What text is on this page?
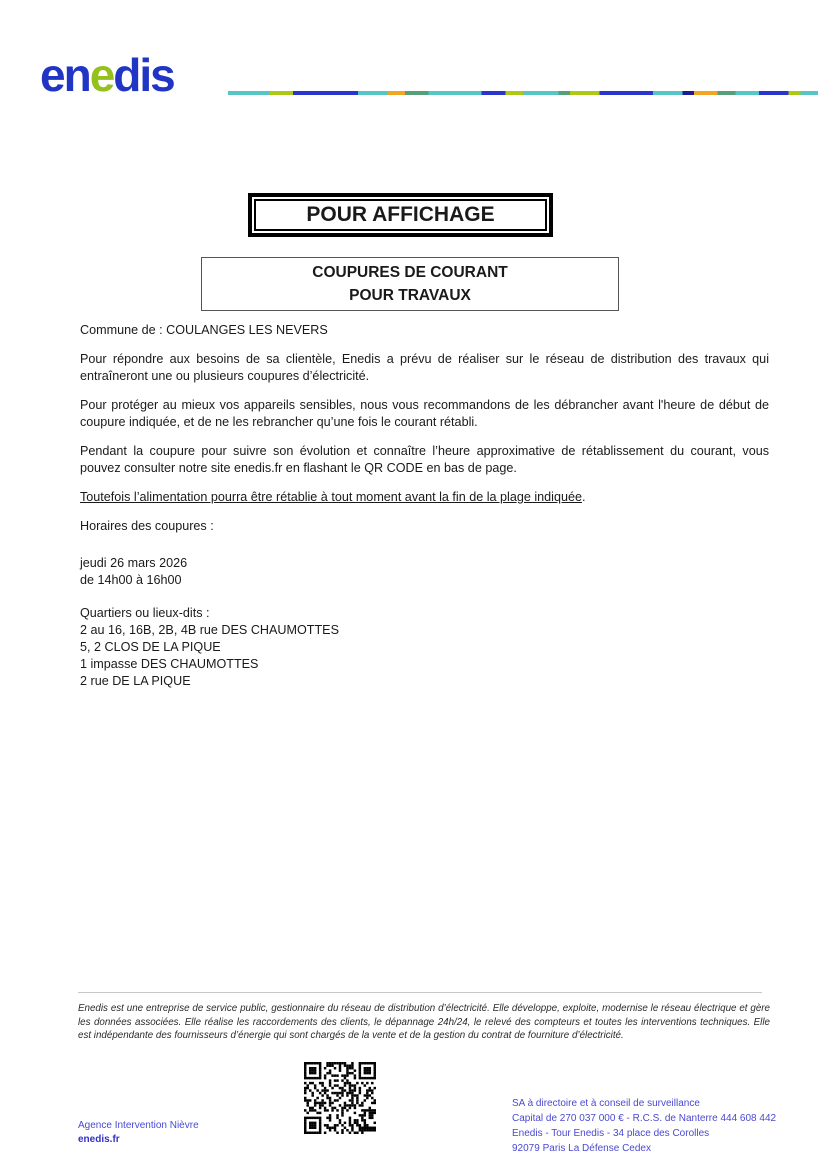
enedis
POUR AFFICHAGE
COUPURES DE COURANT
POUR TRAVAUX

Commune de : COULANGES LES NEVERS

Pour répondre aux besoins de sa clientèle, Enedis a prévu de réaliser sur le réseau de distribution des travaux qui entraîneront une ou plusieurs coupures d’électricité.

Pour protéger au mieux vos appareils sensibles, nous vous recommandons de les débrancher avant l'heure de début de coupure indiquée, et de ne les rebrancher qu’une fois le courant rétabli.

Pendant la coupure pour suivre son évolution et connaître l’heure approximative de rétablissement du courant, vous pouvez consulter notre site enedis.fr en flashant le QR CODE en bas de page.

Toutefois l’alimentation pourra être rétablie à tout moment avant la fin de la plage indiquée.

Horaires des coupures :

jeudi 26 mars 2026
de 14h00 à 16h00
Quartiers ou lieux-dits :
2 au 16, 16B, 2B, 4B rue DES CHAUMOTTES
5, 2 CLOS DE LA PIQUE
1 impasse DES CHAUMOTTES
2 rue DE LA PIQUE
Enedis est une entreprise de service public, gestionnaire du réseau de distribution d’électricité. Elle développe, exploite, modernise le réseau électrique et gère les données associées. Elle réalise les raccordements des clients, le dépannage 24h/24, le relevé des compteurs et toutes les interventions techniques. Elle est indépendante des fournisseurs d’énergie qui sont chargés de la vente et de la gestion du contrat de fourniture d’électricité.
Agence Intervention Nièvre
enedis.fr
SA à directoire et à conseil de surveillance
Capital de 270 037 000 € - R.C.S. de Nanterre 444 608 442
Enedis - Tour Enedis - 34 place des Corolles
92079 Paris La Défense Cedex
